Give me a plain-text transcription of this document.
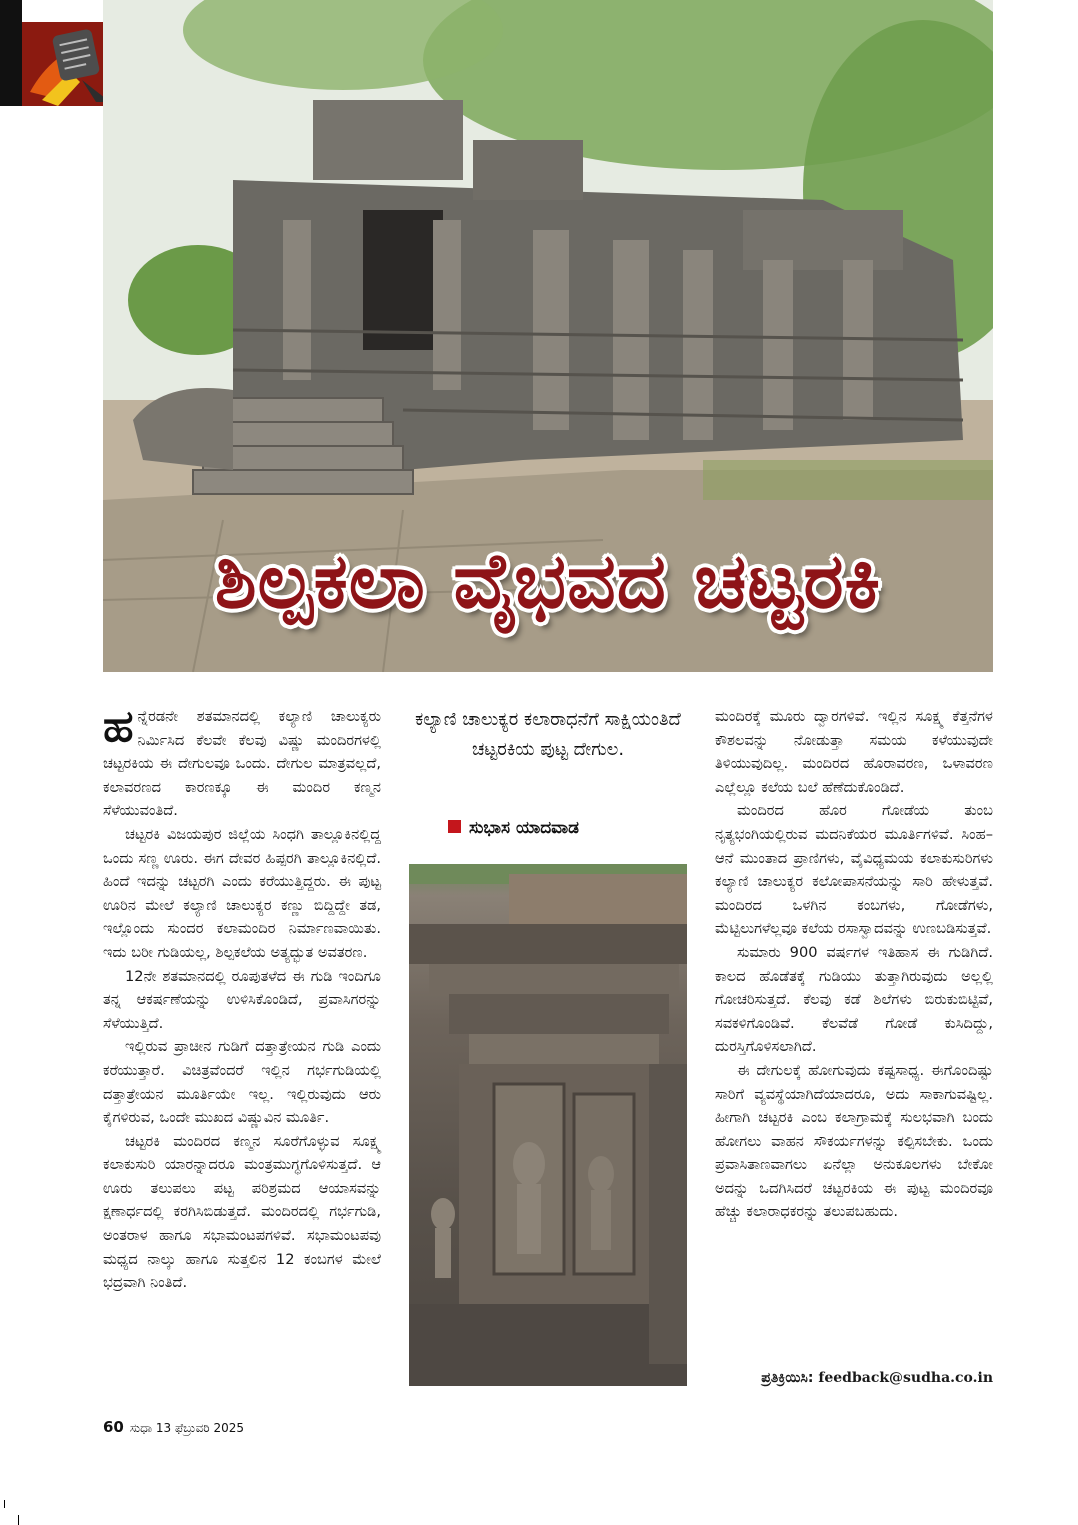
ಶಿಲ್ಪಕಲಾ ವೈಭವದ ಚಟ್ಟರಕಿ

ಹನ್ನೆರಡನೇ ಶತಮಾನದಲ್ಲಿ ಕಲ್ಯಾಣಿ ಚಾಲುಕ್ಯರು ನಿರ್ಮಿಸಿದ ಕೆಲವೇ ಕೆಲವು ವಿಷ್ಣು ಮಂದಿರಗಳಲ್ಲಿ ಚಟ್ಟರಕಿಯ ಈ ದೇಗುಲವೂ ಒಂದು. ದೇಗುಲ ಮಾತ್ರವಲ್ಲದೆ, ಕಲಾವರಣದ ಕಾರಣಕ್ಕೂ ಈ ಮಂದಿರ ಕಣ್ಮನ ಸೆಳೆಯುವಂತಿದೆ.

ಚಟ್ಟರಕಿ ವಿಜಯಪುರ ಜಿಲ್ಲೆಯ ಸಿಂಧಗಿ ತಾಲ್ಲೂಕಿನಲ್ಲಿದ್ದ ಒಂದು ಸಣ್ಣ ಊರು. ಈಗ ದೇವರ ಹಿಪ್ಪರಗಿ ತಾಲ್ಲೂಕಿನಲ್ಲಿದೆ. ಹಿಂದೆ ಇದನ್ನು ಚಟ್ಟರಗಿ ಎಂದು ಕರೆಯುತ್ತಿದ್ದರು. ಈ ಪುಟ್ಟ ಊರಿನ ಮೇಲೆ ಕಲ್ಯಾಣಿ ಚಾಲುಕ್ಯರ ಕಣ್ಣು ಬಿದ್ದಿದ್ದೇ ತಡ, ಇಲ್ಲೊಂದು ಸುಂದರ ಕಲಾಮಂದಿರ ನಿರ್ಮಾಣವಾಯಿತು. ಇದು ಬರೀ ಗುಡಿಯಲ್ಲ, ಶಿಲ್ಪಕಲೆಯ ಅತ್ಯದ್ಭುತ ಅವತರಣ.

12ನೇ ಶತಮಾನದಲ್ಲಿ ರೂಪುತಳೆದ ಈ ಗುಡಿ ಇಂದಿಗೂ ತನ್ನ ಆಕರ್ಷಣೆಯನ್ನು ಉಳಿಸಿಕೊಂಡಿದೆ, ಪ್ರವಾಸಿಗರನ್ನು ಸೆಳೆಯುತ್ತಿದೆ.

ಇಲ್ಲಿರುವ ಪ್ರಾಚೀನ ಗುಡಿಗೆ ದತ್ತಾತ್ರೇಯನ ಗುಡಿ ಎಂದು ಕರೆಯುತ್ತಾರೆ. ವಿಚಿತ್ರವೆಂದರೆ ಇಲ್ಲಿನ ಗರ್ಭಗುಡಿಯಲ್ಲಿ ದತ್ತಾತ್ರೇಯನ ಮೂರ್ತಿಯೇ ಇಲ್ಲ. ಇಲ್ಲಿರುವುದು ಆರು ಕೈಗಳಿರುವ, ಒಂದೇ ಮುಖದ ವಿಷ್ಣುವಿನ ಮೂರ್ತಿ.

ಚಟ್ಟರಕಿ ಮಂದಿರದ ಕಣ್ಮನ ಸೂರೆಗೊಳ್ಳುವ ಸೂಕ್ಷ್ಮ ಕಲಾಕುಸುರಿ ಯಾರನ್ನಾದರೂ ಮಂತ್ರಮುಗ್ಧಗೊಳಿಸುತ್ತದೆ. ಆ ಊರು ತಲುಪಲು ಪಟ್ಟ ಪರಿಶ್ರಮದ ಆಯಾಸವನ್ನು ಕ್ಷಣಾರ್ಧದಲ್ಲಿ ಕರಗಿಸಿಬಿಡುತ್ತದೆ. ಮಂದಿರದಲ್ಲಿ ಗರ್ಭಗುಡಿ, ಅಂತರಾಳ ಹಾಗೂ ಸಭಾಮಂಟಪಗಳಿವೆ. ಸಭಾಮಂಟಪವು ಮಧ್ಯದ ನಾಲ್ಕು ಹಾಗೂ ಸುತ್ತಲಿನ 12 ಕಂಬಗಳ ಮೇಲೆ ಭದ್ರವಾಗಿ ನಿಂತಿದೆ.

ಕಲ್ಯಾಣಿ ಚಾಲುಕ್ಯರ ಕಲಾರಾಧನೆಗೆ ಸಾಕ್ಷಿಯಂತಿದೆ ಚಟ್ಟರಕಿಯ ಪುಟ್ಟ ದೇಗುಲ.
ಸುಭಾಸ ಯಾದವಾಡ

ಮಂದಿರಕ್ಕೆ ಮೂರು ದ್ವಾರಗಳಿವೆ. ಇಲ್ಲಿನ ಸೂಕ್ಷ್ಮ ಕೆತ್ತನೆಗಳ ಕೌಶಲವನ್ನು ನೋಡುತ್ತಾ ಸಮಯ ಕಳೆಯುವುದೇ ತಿಳಿಯುವುದಿಲ್ಲ. ಮಂದಿರದ ಹೊರಾವರಣ, ಒಳಾವರಣ ಎಲ್ಲೆಲ್ಲೂ ಕಲೆಯ ಬಲೆ ಹೆಣೆದುಕೊಂಡಿದೆ.

ಮಂದಿರದ ಹೊರ ಗೋಡೆಯ ತುಂಬ ನೃತ್ಯಭಂಗಿಯಲ್ಲಿರುವ ಮದನಿಕೆಯರ ಮೂರ್ತಿಗಳಿವೆ. ಸಿಂಹ–ಆನೆ ಮುಂತಾದ ಪ್ರಾಣಿಗಳು, ವೈವಿಧ್ಯಮಯ ಕಲಾಕುಸುರಿಗಳು ಕಲ್ಯಾಣಿ ಚಾಲುಕ್ಯರ ಕಲೋಪಾಸನೆಯನ್ನು ಸಾರಿ ಹೇಳುತ್ತವೆ. ಮಂದಿರದ ಒಳಗಿನ ಕಂಬಗಳು, ಗೋಡೆಗಳು, ಮೆಟ್ಟಿಲುಗಳೆಲ್ಲವೂ ಕಲೆಯ ರಸಾಸ್ವಾದವನ್ನು ಉಣಬಡಿಸುತ್ತವೆ.

ಸುಮಾರು 900 ವರ್ಷಗಳ ಇತಿಹಾಸ ಈ ಗುಡಿಗಿದೆ. ಕಾಲದ ಹೊಡೆತಕ್ಕೆ ಗುಡಿಯು ತುತ್ತಾಗಿರುವುದು ಅಲ್ಲಲ್ಲಿ ಗೋಚರಿಸುತ್ತದೆ. ಕೆಲವು ಕಡೆ ಶಿಲೆಗಳು ಬಿರುಕುಬಿಟ್ಟಿವೆ, ಸವಕಳಿಗೊಂಡಿವೆ. ಕೆಲವೆಡೆ ಗೋಡೆ ಕುಸಿದಿದ್ದು, ದುರಸ್ತಿಗೊಳಿಸಲಾಗಿದೆ.

ಈ ದೇಗುಲಕ್ಕೆ ಹೋಗುವುದು ಕಷ್ಟಸಾಧ್ಯ. ಈಗೊಂದಿಷ್ಟು ಸಾರಿಗೆ ವ್ಯವಸ್ಥೆಯಾಗಿದೆಯಾದರೂ, ಅದು ಸಾಕಾಗುವಷ್ಟಿಲ್ಲ. ಹೀಗಾಗಿ ಚಟ್ಟರಕಿ ಎಂಬ ಕಲಾಗ್ರಾಮಕ್ಕೆ ಸುಲಭವಾಗಿ ಬಂದು ಹೋಗಲು ವಾಹನ ಸೌಕರ್ಯಗಳನ್ನು ಕಲ್ಪಿಸಬೇಕು. ಒಂದು ಪ್ರವಾಸಿತಾಣವಾಗಲು ಏನೆಲ್ಲಾ ಅನುಕೂಲಗಳು ಬೇಕೋ ಅದನ್ನು ಒದಗಿಸಿದರೆ ಚಟ್ಟರಕಿಯ ಈ ಪುಟ್ಟ ಮಂದಿರವೂ ಹೆಚ್ಚು ಕಲಾರಾಧಕರನ್ನು ತಲುಪಬಹುದು.

ಪ್ರತಿಕ್ರಿಯಿಸಿ: feedback@sudha.co.in
60 ಸುಧಾ 13 ಫೆಬ್ರುವರಿ 2025
